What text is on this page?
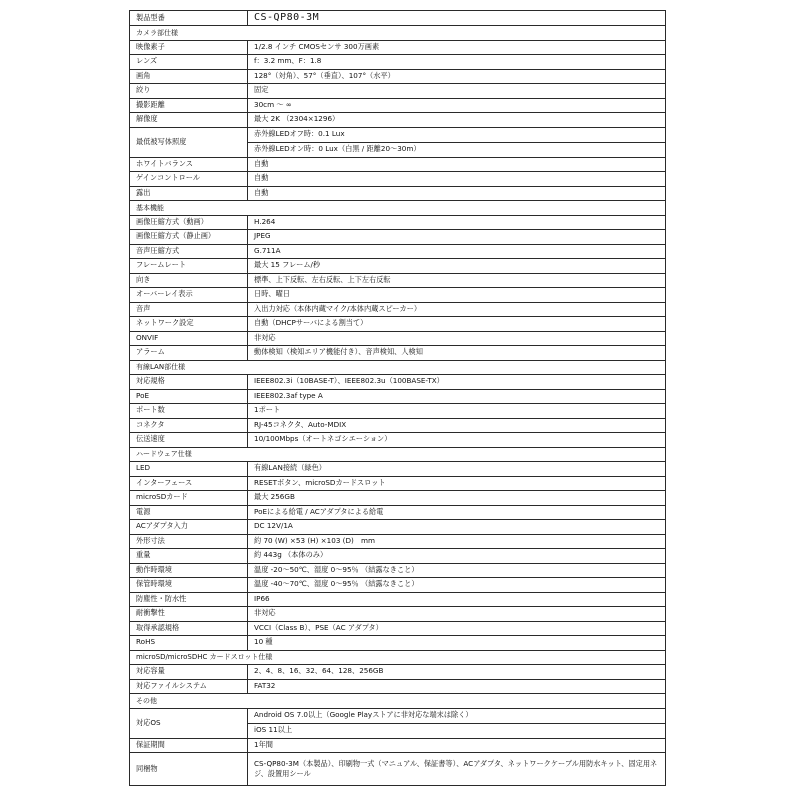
製品型番	CS-QP80-3M
カメラ部仕様	
映像素子	1/2.8 インチ CMOSセンサ 300万画素
レンズ	f：3.2 mm、F：1.8
画角	128°（対角）、57°（垂直）、107°（水平）
絞り	固定
撮影距離	30cm ～ ∞
解像度	最大 2K （2304×1296）
最低被写体照度	赤外線LEDオフ時：0.1 Lux
	赤外線LEDオン時：0 Lux（白黒 / 距離20～30m）
ホワイトバランス	自動
ゲインコントロール	自動
露出	自動
基本機能	
画像圧縮方式（動画）	H.264
画像圧縮方式（静止画）	JPEG
音声圧縮方式	G.711A
フレームレート	最大 15 フレーム/秒
向き	標準、上下反転、左右反転、上下左右反転
オーバーレイ表示	日時、曜日
音声	入出力対応（本体内蔵マイク/本体内蔵スピーカー）
ネットワーク設定	自動（DHCPサーバによる割当て）
ONVIF	非対応
アラーム	動体検知（検知エリア機能付き）、音声検知、人検知
有線LAN部仕様	
対応規格	IEEE802.3i（10BASE-T）、IEEE802.3u（100BASE-TX）
PoE	IEEE802.3af type A
ポート数	1ポート
コネクタ	RJ-45コネクタ、Auto-MDIX
伝送速度	10/100Mbps（オートネゴシエーション）
ハードウェア仕様	
LED	有線LAN接続（緑色）
インターフェース	RESETボタン、microSDカードスロット
microSDカード	最大 256GB
電源	PoEによる給電 / ACアダプタによる給電
ACアダプタ入力	DC 12V/1A
外形寸法	約 70 (W) ×53 (H) ×103 (D)　mm
重量	約 443g （本体のみ）
動作時環境	温度 -20～50℃、湿度 0～95％ （結露なきこと）
保管時環境	温度 -40～70℃、湿度 0～95％ （結露なきこと）
防塵性・防水性	IP66
耐衝撃性	非対応
取得承認規格	VCCI（Class B）、PSE（AC アダプタ）
RoHS	10 種
microSD/microSDHC カードスロット仕様	
対応容量	2、4、8、16、32、64、128、256GB
対応ファイルシステム	FAT32
その他	
対応OS	Android OS 7.0以上（Google Playストアに非対応な端末は除く）
	iOS 11以上
保証期間	1年間
同梱物	CS-QP80-3M（本製品）、印刷物一式（マニュアル、保証書等）、ACアダプタ、ネットワークケーブル用防水キット、固定用ネジ、設置用シール
